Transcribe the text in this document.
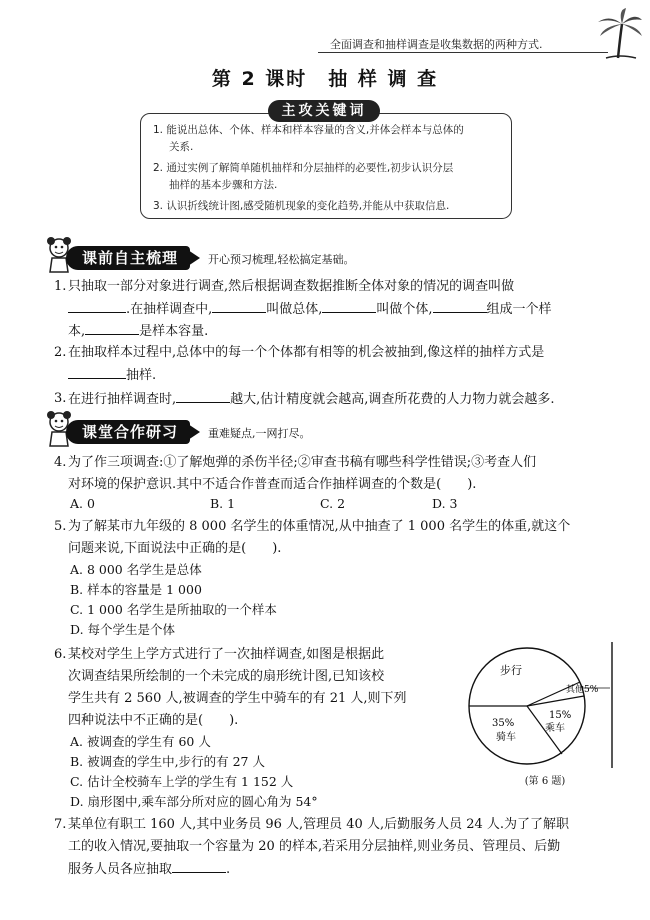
全面调查和抽样调查是收集数据的两种方式.
第 2 课时　抽 样 调 查
1. 能说出总体、个体、样本和样本容量的含义,并体会样本与总体的
关系.
2. 通过实例了解简单随机抽样和分层抽样的必要性,初步认识分层
抽样的基本步骤和方法.
3. 认识折线统计图,感受随机现象的变化趋势,并能从中获取信息.
主攻关键词
课前自主梳理	开心预习梳理,轻松搞定基础。
1. 只抽取一部分对象进行调查,然后根据调查数据推断全体对象的情况的调查叫做
.在抽样调查中,	叫做总体,	叫做个体,	组成一个样
本,	是样本容量.
2. 在抽取样本过程中,总体中的每一个个体都有相等的机会被抽到,像这样的抽样方式是
抽样.
3. 在进行抽样调查时,	越大,估计精度就会越高,调查所花费的人力物力就会越多.
课堂合作研习	重难疑点,一网打尽。
4. 为了作三项调查:①了解炮弹的杀伤半径;②审查书稿有哪些科学性错误;③考查人们
对环境的保护意识.其中不适合作普查而适合作抽样调查的个数是(　　).
A. 0	B. 1	C. 2	D. 3
5. 为了解某市九年级的 8 000 名学生的体重情况,从中抽查了 1 000 名学生的体重,就这个
问题来说,下面说法中正确的是(　　).
A. 8 000 名学生是总体
B. 样本的容量是 1 000
C. 1 000 名学生是所抽取的一个样本
D. 每个学生是个体
6. 某校对学生上学方式进行了一次抽样调查,如图是根据此
次调查结果所绘制的一个未完成的扇形统计图,已知该校
学生共有 2 560 人,被调查的学生中骑车的有 21 人,则下列
四种说法中不正确的是(　　).
A. 被调查的学生有 60 人
B. 被调查的学生中,步行的有 27 人
C. 估计全校骑车上学的学生有 1 152 人
D. 扇形图中,乘车部分所对应的圆心角为 54°
步行
其他5%
15%
乘车
35%
骑车
(第 6 题)
7. 某单位有职工 160 人,其中业务员 96 人,管理员 40 人,后勤服务人员 24 人.为了了解职
工的收入情况,要抽取一个容量为 20 的样本,若采用分层抽样,则业务员、管理员、后勤
服务人员各应抽取	.
